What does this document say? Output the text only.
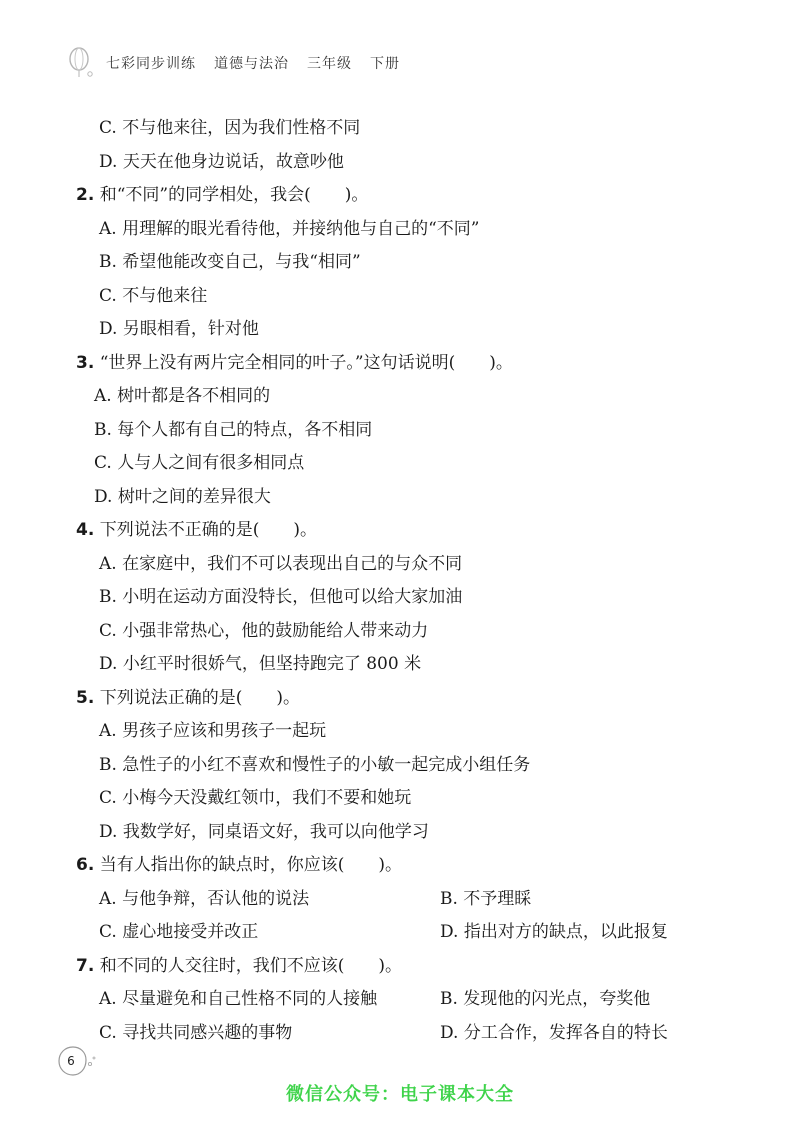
七彩同步训练 道德与法治 三年级 下册
C. 不与他来往，因为我们性格不同
D. 天天在他身边说话，故意吵他
2. 和“不同”的同学相处，我会(　　)。
A. 用理解的眼光看待他，并接纳他与自己的“不同”
B. 希望他能改变自己，与我“相同”
C. 不与他来往
D. 另眼相看，针对他
3. “世界上没有两片完全相同的叶子。”这句话说明(　　)。
A. 树叶都是各不相同的
B. 每个人都有自己的特点，各不相同
C. 人与人之间有很多相同点
D. 树叶之间的差异很大
4. 下列说法不正确的是(　　)。
A. 在家庭中，我们不可以表现出自己的与众不同
B. 小明在运动方面没特长，但他可以给大家加油
C. 小强非常热心，他的鼓励能给人带来动力
D. 小红平时很娇气，但坚持跑完了 800 米
5. 下列说法正确的是(　　)。
A. 男孩子应该和男孩子一起玩
B. 急性子的小红不喜欢和慢性子的小敏一起完成小组任务
C. 小梅今天没戴红领巾，我们不要和她玩
D. 我数学好，同桌语文好，我可以向他学习
6. 当有人指出你的缺点时，你应该(　　)。
A. 与他争辩，否认他的说法	B. 不予理睬
C. 虚心地接受并改正	D. 指出对方的缺点，以此报复
7. 和不同的人交往时，我们不应该(　　)。
A. 尽量避免和自己性格不同的人接触	B. 发现他的闪光点，夸奖他
C. 寻找共同感兴趣的事物	D. 分工合作，发挥各自的特长
6
微信公众号：电子课本大全
